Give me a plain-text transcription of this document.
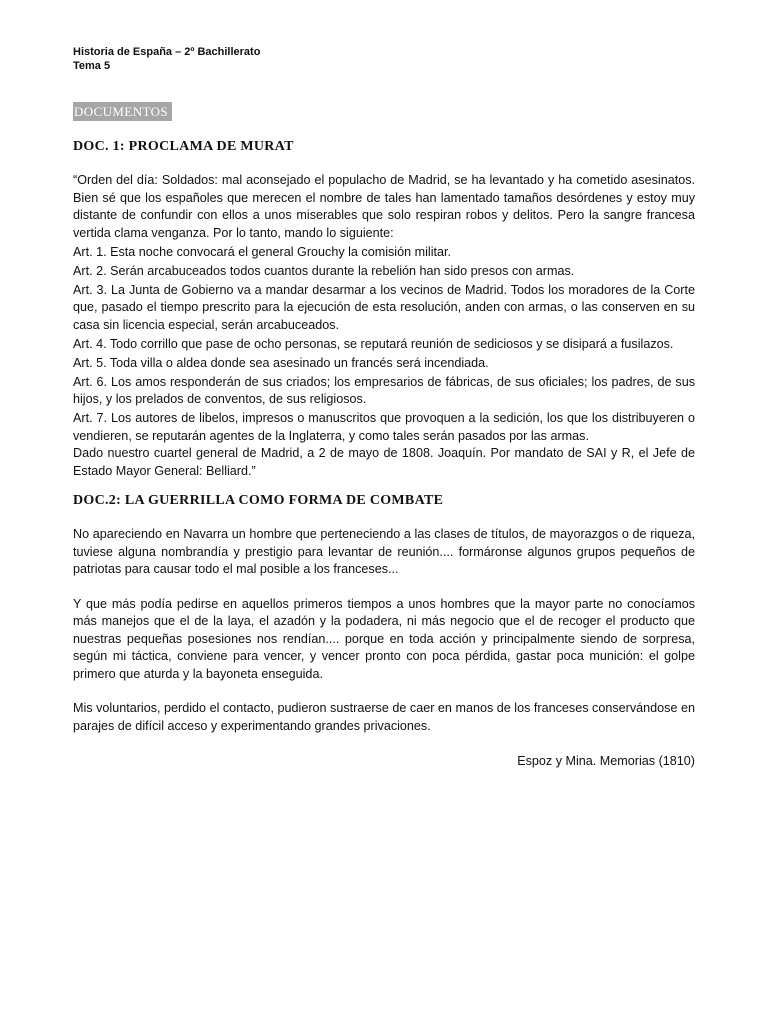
Historia de España – 2º Bachillerato
Tema 5
DOCUMENTOS
DOC. 1: PROCLAMA DE MURAT
“Orden del día: Soldados: mal aconsejado el populacho de Madrid, se ha levantado y ha cometido asesinatos. Bien sé que los españoles que merecen el nombre de tales han lamentado tamaños desórdenes y estoy muy distante de confundir con ellos a unos miserables que solo respiran robos y delitos. Pero la sangre francesa vertida clama venganza. Por lo tanto, mando lo siguiente:
Art. 1. Esta noche convocará el general Grouchy la comisión militar.
Art. 2. Serán arcabuceados todos cuantos durante la rebelión han sido presos con armas.
Art. 3. La Junta de Gobierno va a mandar desarmar a los vecinos de Madrid. Todos los moradores de la Corte que, pasado el tiempo prescrito para la ejecución de esta resolución, anden con armas, o las conserven en su casa sin licencia especial, serán arcabuceados.
Art. 4. Todo corrillo que pase de ocho personas, se reputará reunión de sediciosos y se disipará a fusilazos.
Art. 5. Toda villa o aldea donde sea asesinado un francés será incendiada.
Art. 6. Los amos responderán de sus criados; los empresarios de fábricas, de sus oficiales; los padres, de sus hijos, y los prelados de conventos, de sus religiosos.
Art. 7. Los autores de libelos, impresos o manuscritos que provoquen a la sedición, los que los distribuyeren o vendieren, se reputarán agentes de la Inglaterra, y como tales serán pasados por las armas.
Dado nuestro cuartel general de Madrid, a 2 de mayo de 1808. Joaquín. Por mandato de SAI y R, el Jefe de Estado Mayor General: Belliard.”
DOC.2: LA GUERRILLA COMO FORMA DE COMBATE
No apareciendo en Navarra un hombre que perteneciendo a las clases de títulos, de mayorazgos o de riqueza, tuviese alguna nombrandía y prestigio para levantar de reunión.... formáronse algunos grupos pequeños de patriotas para causar todo el mal posible a los franceses...
Y que más podía pedirse en aquellos primeros tiempos a unos hombres que la mayor parte no conocíamos más manejos que el de la laya, el azadón y la podadera, ni más negocio que el de recoger el producto que nuestras pequeñas posesiones nos rendían.... porque en toda acción y principalmente siendo de sorpresa, según mi táctica, conviene para vencer, y vencer pronto con poca pérdida, gastar poca munición: el golpe primero que aturda y la bayoneta enseguida.
Mis voluntarios, perdido el contacto, pudieron sustraerse de caer en manos de los franceses conservándose en parajes de difícil acceso y experimentando grandes privaciones.
Espoz y Mina. Memorias (1810)
